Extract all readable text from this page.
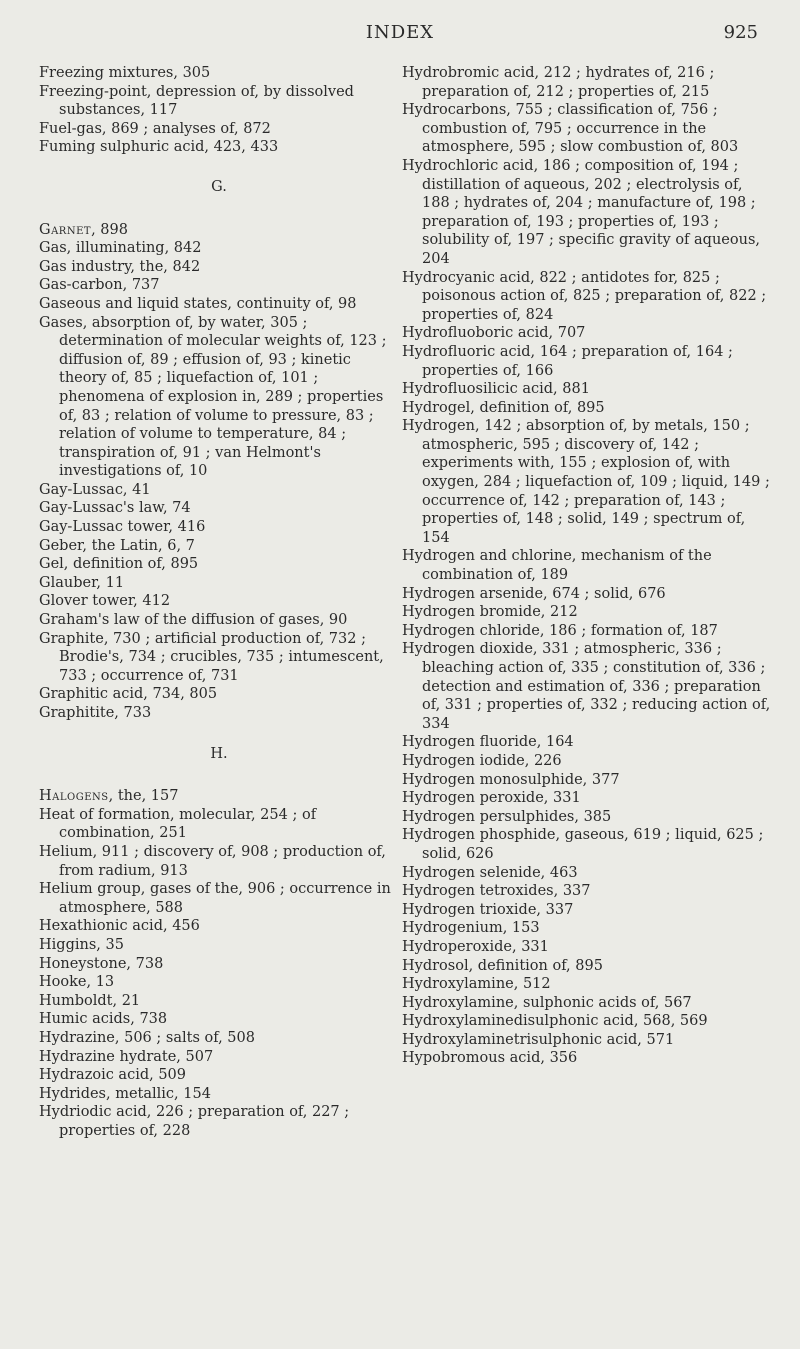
INDEX	925

Freezing mixtures, 305

Freezing-point, depression of, by dissolved substances, 117

Fuel-gas, 869 ; analyses of, 872

Fuming sulphuric acid, 423, 433

G.

Garnet, 898

Gas, illuminating, 842

Gas industry, the, 842

Gas-carbon, 737

Gaseous and liquid states, continuity of, 98

Gases, absorption of, by water, 305 ; determination of molecular weights of, 123 ; diffusion of, 89 ; effusion of, 93 ; kinetic theory of, 85 ; liquefaction of, 101 ; phenomena of explosion in, 289 ; properties of, 83 ; relation of volume to pressure, 83 ; relation of volume to temperature, 84 ; transpiration of, 91 ; van Helmont's investigations of, 10

Gay-Lussac, 41

Gay-Lussac's law, 74

Gay-Lussac tower, 416

Geber, the Latin, 6, 7

Gel, definition of, 895

Glauber, 11

Glover tower, 412

Graham's law of the diffusion of gases, 90

Graphite, 730 ; artificial production of, 732 ; Brodie's, 734 ; crucibles, 735 ; intumescent, 733 ; occurrence of, 731

Graphitic acid, 734, 805

Graphitite, 733

H.

Halogens, the, 157

Heat of formation, molecular, 254 ; of combination, 251

Helium, 911 ; discovery of, 908 ; production of, from radium, 913

Helium group, gases of the, 906 ; occurrence in atmosphere, 588

Hexathionic acid, 456

Higgins, 35

Honeystone, 738

Hooke, 13

Humboldt, 21

Humic acids, 738

Hydrazine, 506 ; salts of, 508

Hydrazine hydrate, 507

Hydrazoic acid, 509

Hydrides, metallic, 154

Hydriodic acid, 226 ; preparation of, 227 ; properties of, 228

Hydrobromic acid, 212 ; hydrates of, 216 ; preparation of, 212 ; properties of, 215

Hydrocarbons, 755 ; classification of, 756 ; combustion of, 795 ; occurrence in the atmosphere, 595 ; slow combustion of, 803

Hydrochloric acid, 186 ; composition of, 194 ; distillation of aqueous, 202 ; electrolysis of, 188 ; hydrates of, 204 ; manufacture of, 198 ; preparation of, 193 ; properties of, 193 ; solubility of, 197 ; specific gravity of aqueous, 204

Hydrocyanic acid, 822 ; antidotes for, 825 ; poisonous action of, 825 ; preparation of, 822 ; properties of, 824

Hydrofluoboric acid, 707

Hydrofluoric acid, 164 ; preparation of, 164 ; properties of, 166

Hydrofluosilicic acid, 881

Hydrogel, definition of, 895

Hydrogen, 142 ; absorption of, by metals, 150 ; atmospheric, 595 ; discovery of, 142 ; experiments with, 155 ; explosion of, with oxygen, 284 ; liquefaction of, 109 ; liquid, 149 ; occurrence of, 142 ; preparation of, 143 ; properties of, 148 ; solid, 149 ; spectrum of, 154

Hydrogen and chlorine, mechanism of the combination of, 189

Hydrogen arsenide, 674 ; solid, 676

Hydrogen bromide, 212

Hydrogen chloride, 186 ; formation of, 187

Hydrogen dioxide, 331 ; atmospheric, 336 ; bleaching action of, 335 ; constitution of, 336 ; detection and estimation of, 336 ; preparation of, 331 ; properties of, 332 ; reducing action of, 334

Hydrogen fluoride, 164

Hydrogen iodide, 226

Hydrogen monosulphide, 377

Hydrogen peroxide, 331

Hydrogen persulphides, 385

Hydrogen phosphide, gaseous, 619 ; liquid, 625 ; solid, 626

Hydrogen selenide, 463

Hydrogen tetroxides, 337

Hydrogen trioxide, 337

Hydrogenium, 153

Hydroperoxide, 331

Hydrosol, definition of, 895

Hydroxylamine, 512

Hydroxylamine, sulphonic acids of, 567

Hydroxylaminedisulphonic acid, 568, 569

Hydroxylaminetrisulphonic acid, 571

Hypobromous acid, 356
